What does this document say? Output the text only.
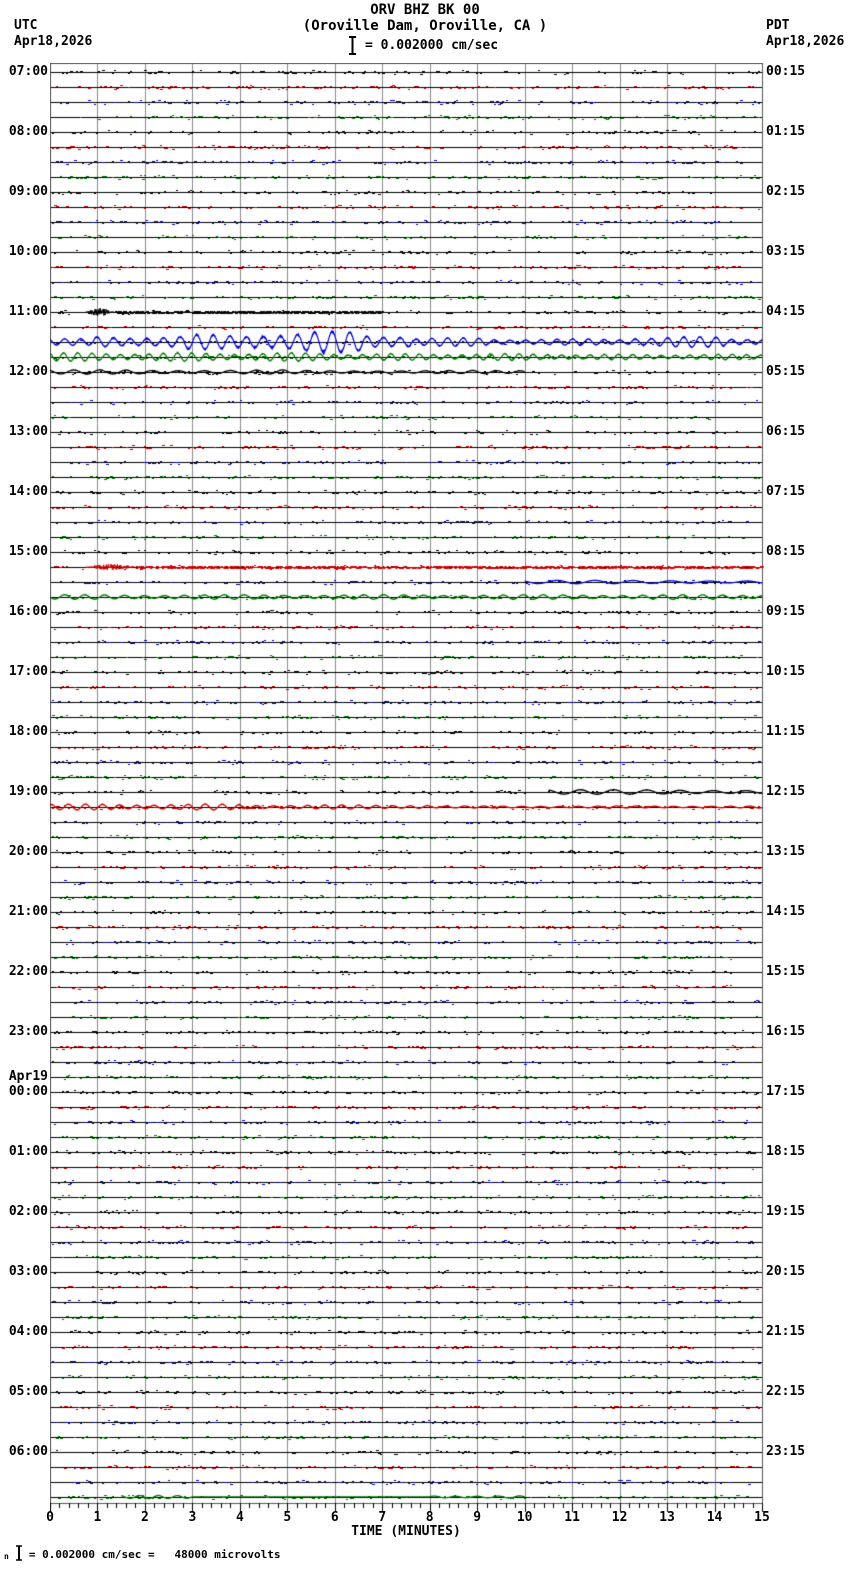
ORV BHZ BK 00
(Oroville Dam, Oroville, CA )
UTC
Apr18,2026
PDT
Apr18,2026
= 0.002000 cm/sec
07:00
08:00
09:00
10:00
11:00
12:00
13:00
14:00
15:00
16:00
17:00
18:00
19:00
20:00
21:00
22:00
23:00
00:00
01:00
02:00
03:00
04:00
05:00
06:00
Apr19
00:15
01:15
02:15
03:15
04:15
05:15
06:15
07:15
08:15
09:15
10:15
11:15
12:15
13:15
14:15
15:15
16:15
17:15
18:15
19:15
20:15
21:15
22:15
23:15
0	1	2	3	4	5	6	7	8	9	10	11	12	13	14	15
TIME (MINUTES)
n = 0.002000 cm/sec =   48000 microvolts
